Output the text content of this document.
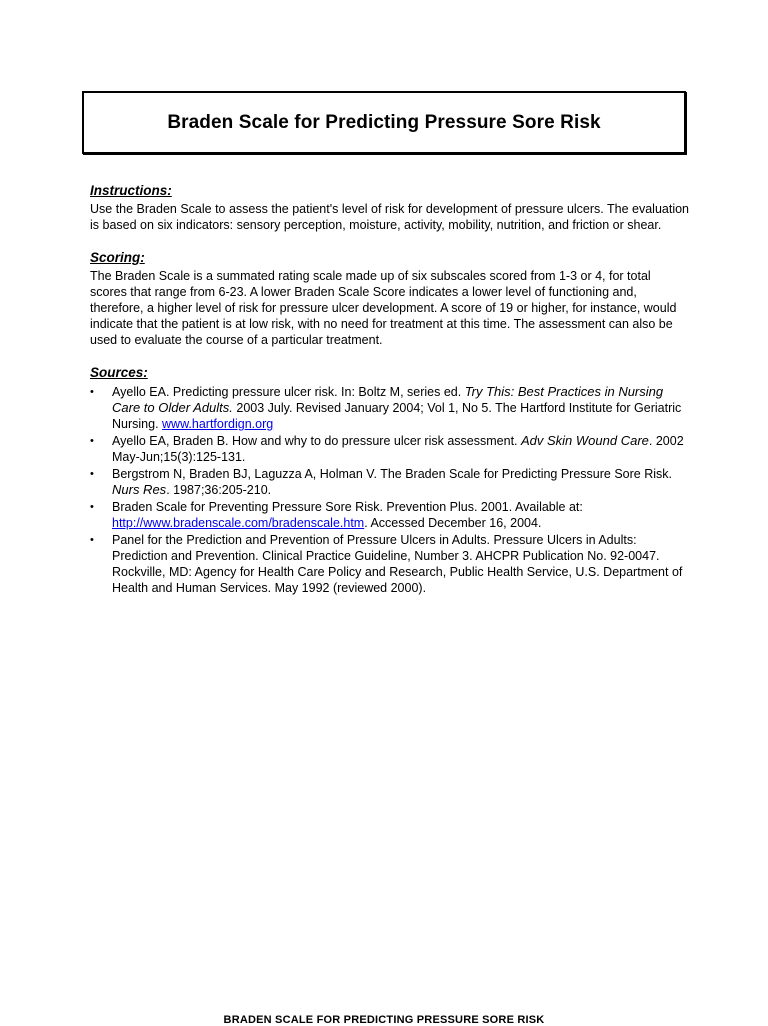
Braden Scale for Predicting Pressure Sore Risk

Instructions:

Use the Braden Scale to assess the patient's level of risk for development of pressure ulcers. The evaluation is based on six indicators: sensory perception, moisture, activity, mobility, nutrition, and friction or shear.

Scoring:

The Braden Scale is a summated rating scale made up of six subscales scored from 1-3 or 4, for total scores that range from 6-23. A lower Braden Scale Score indicates a lower level of functioning and, therefore, a higher level of risk for pressure ulcer development. A score of 19 or higher, for instance, would indicate that the patient is at low risk, with no need for treatment at this time. The assessment can also be used to evaluate the course of a particular treatment.

Sources:

• Ayello EA. Predicting pressure ulcer risk. In: Boltz M, series ed. Try This: Best Practices in Nursing Care to Older Adults. 2003 July. Revised January 2004; Vol 1, No 5. The Hartford Institute for Geriatric Nursing. www.hartfordign.org
• Ayello EA, Braden B. How and why to do pressure ulcer risk assessment. Adv Skin Wound Care. 2002 May-Jun;15(3):125-131.
• Bergstrom N, Braden BJ, Laguzza A, Holman V. The Braden Scale for Predicting Pressure Sore Risk. Nurs Res. 1987;36:205-210.
• Braden Scale for Preventing Pressure Sore Risk. Prevention Plus. 2001. Available at: http://www.bradenscale.com/bradenscale.htm. Accessed December 16, 2004.
• Panel for the Prediction and Prevention of Pressure Ulcers in Adults. Pressure Ulcers in Adults: Prediction and Prevention. Clinical Practice Guideline, Number 3. AHCPR Publication No. 92-0047. Rockville, MD: Agency for Health Care Policy and Research, Public Health Service, U.S. Department of Health and Human Services. May 1992 (reviewed 2000).
BRADEN SCALE FOR PREDICTING PRESSURE SORE RISK
